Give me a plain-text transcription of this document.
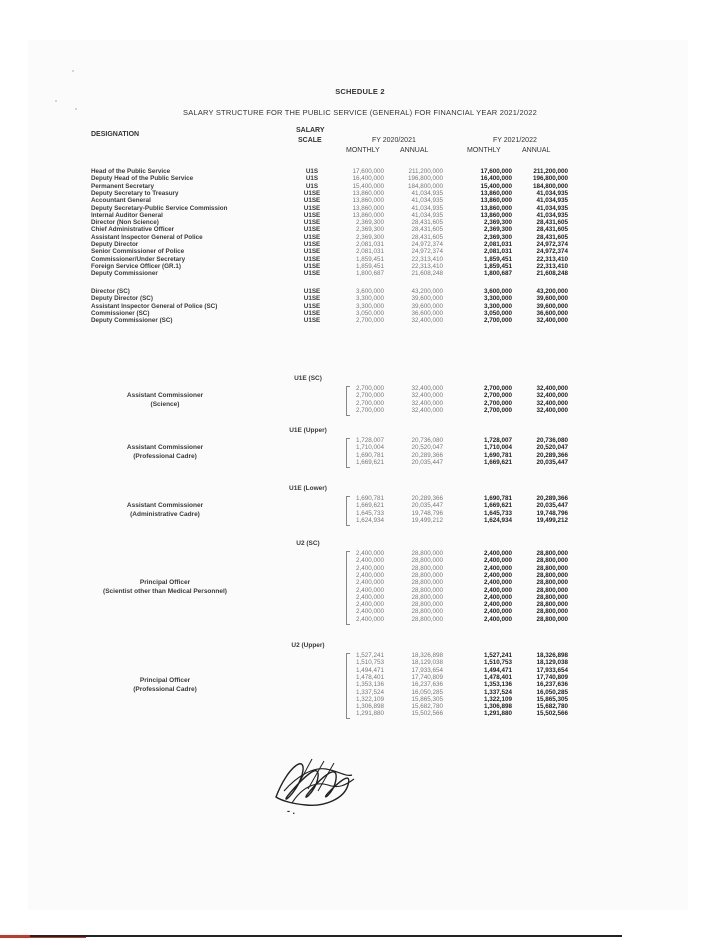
SCHEDULE 2
SALARY STRUCTURE FOR THE PUBLIC SERVICE (GENERAL) FOR FINANCIAL YEAR 2021/2022
DESIGNATION
SALARY
SCALE	FY 2020/2021	FY 2021/2022
MONTHLY	ANNUAL	MONTHLY	ANNUAL
Head of the Public Service	U1S	17,600,000	211,200,000	17,600,000	211,200,000
Deputy Head of the Public Service	U1S	16,400,000	196,800,000	16,400,000	196,800,000
Permanent Secretary	U1S	15,400,000	184,800,000	15,400,000	184,800,000
Deputy Secretary to Treasury	U1SE	13,860,000	41,034,935	13,860,000	41,034,935
Accountant General	U1SE	13,860,000	41,034,935	13,860,000	41,034,935
Deputy Secretary-Public Service Commission	U1SE	13,860,000	41,034,935	13,860,000	41,034,935
Internal Auditor General	U1SE	13,860,000	41,034,935	13,860,000	41,034,935
Director (Non Science)	U1SE	2,369,300	28,431,605	2,369,300	28,431,605
Chief Administrative Officer	U1SE	2,369,300	28,431,605	2,369,300	28,431,605
Assistant Inspector General of Police	U1SE	2,369,300	28,431,605	2,369,300	28,431,605
Deputy Director	U1SE	2,081,031	24,972,374	2,081,031	24,972,374
Senior Commissioner of Police	U1SE	2,081,031	24,972,374	2,081,031	24,972,374
Commissioner/Under Secretary	U1SE	1,859,451	22,313,410	1,859,451	22,313,410
Foreign Service Officer (GR.1)	U1SE	1,859,451	22,313,410	1,859,451	22,313,410
Deputy Commissioner	U1SE	1,800,687	21,608,248	1,800,687	21,608,248
Director (SC)	U1SE	3,600,000	43,200,000	3,600,000	43,200,000
Deputy Director (SC)	U1SE	3,300,000	39,600,000	3,300,000	39,600,000
Assistant Inspector General of Police (SC)	U1SE	3,300,000	39,600,000	3,300,000	39,600,000
Commissioner (SC)	U1SE	3,050,000	36,600,000	3,050,000	36,600,000
Deputy Commissioner (SC)	U1SE	2,700,000	32,400,000	2,700,000	32,400,000
U1E (SC)
Assistant Commissioner
(Science)
2,700,000	32,400,000	2,700,000	32,400,000
2,700,000	32,400,000	2,700,000	32,400,000
2,700,000	32,400,000	2,700,000	32,400,000
2,700,000	32,400,000	2,700,000	32,400,000
U1E (Upper)
Assistant Commissioner
(Professional Cadre)
1,728,007	20,736,080	1,728,007	20,736,080
1,710,004	20,520,047	1,710,004	20,520,047
1,690,781	20,289,366	1,690,781	20,289,366
1,669,621	20,035,447	1,669,621	20,035,447
U1E (Lower)
Assistant Commissioner
(Administrative Cadre)
1,690,781	20,289,366	1,690,781	20,289,366
1,669,621	20,035,447	1,669,621	20,035,447
1,645,733	19,748,796	1,645,733	19,748,796
1,624,934	19,499,212	1,624,934	19,499,212
U2 (SC)
Principal Officer
(Scientist other than Medical Personnel)
2,400,000	28,800,000	2,400,000	28,800,000
2,400,000	28,800,000	2,400,000	28,800,000
2,400,000	28,800,000	2,400,000	28,800,000
2,400,000	28,800,000	2,400,000	28,800,000
2,400,000	28,800,000	2,400,000	28,800,000
2,400,000	28,800,000	2,400,000	28,800,000
2,400,000	28,800,000	2,400,000	28,800,000
2,400,000	28,800,000	2,400,000	28,800,000
2,400,000	28,800,000	2,400,000	28,800,000
2,400,000	28,800,000	2,400,000	28,800,000
U2 (Upper)
Principal Officer
(Professional Cadre)
1,527,241	18,326,898	1,527,241	18,326,898
1,510,753	18,129,038	1,510,753	18,129,038
1,494,471	17,933,654	1,494,471	17,933,654
1,478,401	17,740,809	1,478,401	17,740,809
1,353,136	16,237,636	1,353,136	16,237,636
1,337,524	16,050,285	1,337,524	16,050,285
1,322,109	15,865,305	1,322,109	15,865,305
1,306,898	15,682,780	1,306,898	15,682,780
1,291,880	15,502,566	1,291,880	15,502,566
- .
